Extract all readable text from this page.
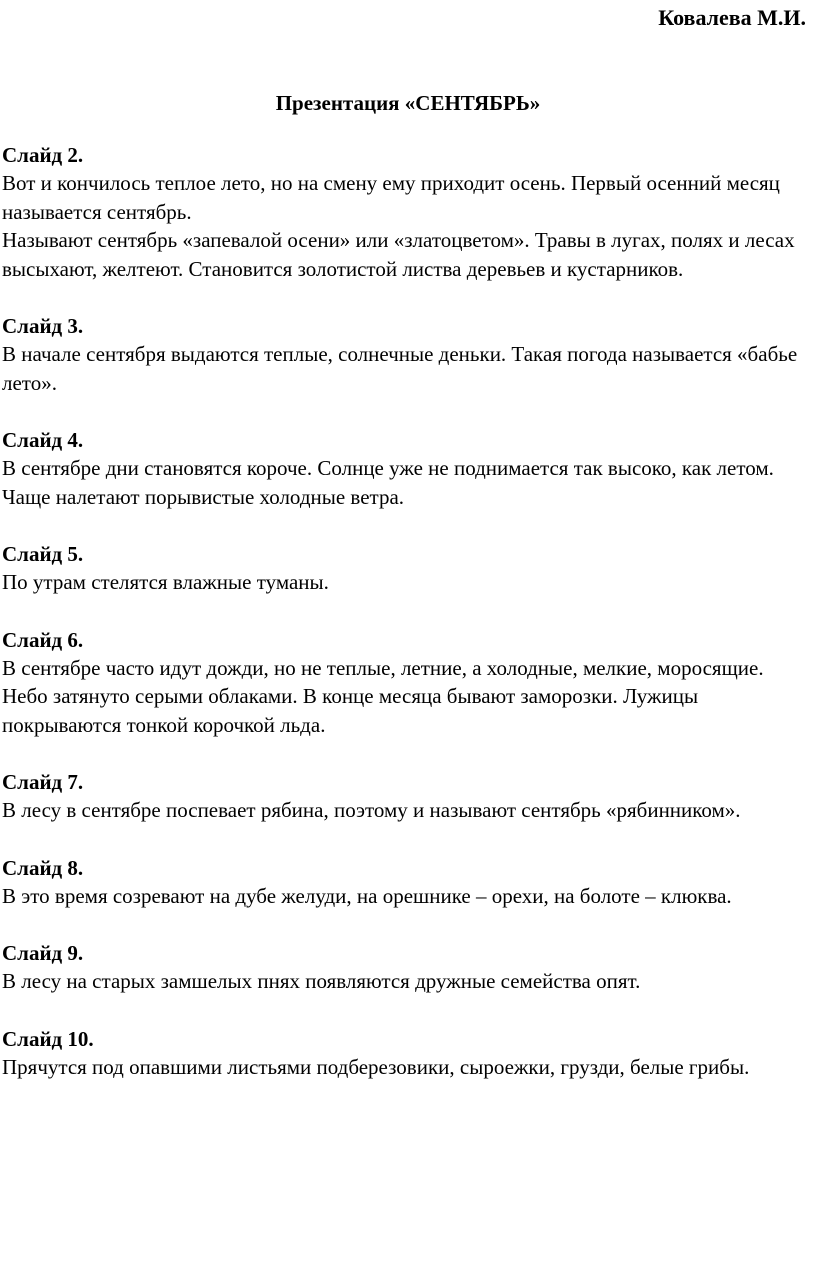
Ковалева М.И.
Презентация «СЕНТЯБРЬ»
Слайд 2.

Вот и кончилось теплое лето, но на смену ему приходит осень. Первый осенний месяц называется сентябрь.

Называют сентябрь «запевалой осени» или «златоцветом». Травы в лугах, полях и лесах высыхают, желтеют. Становится золотистой листва деревьев и кустарников.

Слайд 3.

В начале сентября выдаются теплые, солнечные деньки. Такая погода называется «бабье лето».

Слайд 4.

В сентябре дни становятся короче. Солнце уже не поднимается так высоко, как летом. Чаще налетают порывистые холодные ветра.

Слайд 5.

По утрам стелятся влажные туманы.

Слайд 6.

В сентябре часто идут дожди, но не теплые, летние, а холодные, мелкие, моросящие. Небо затянуто серыми облаками. В конце месяца бывают заморозки. Лужицы покрываются тонкой корочкой льда.

Слайд 7.

В лесу в сентябре поспевает рябина, поэтому и называют сентябрь «рябинником».

Слайд 8.

В это время созревают на дубе желуди, на орешнике – орехи, на болоте – клюква.

Слайд 9.

В лесу на старых замшелых пнях появляются дружные семейства опят.

Слайд 10.

Прячутся под опавшими листьями подберезовики, сыроежки, грузди, белые грибы.
